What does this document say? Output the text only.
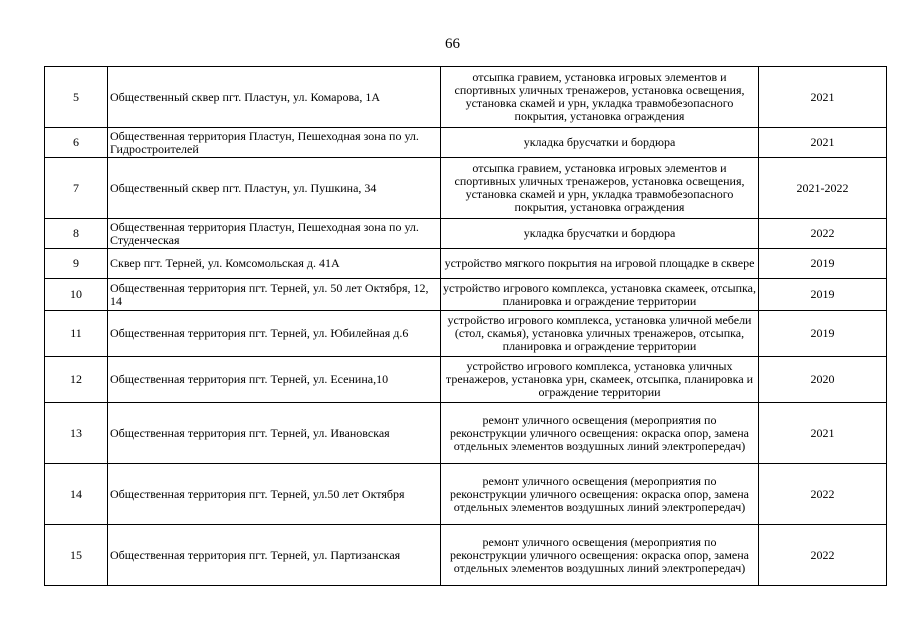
66
5	Общественный сквер пгт. Пластун, ул. Комарова, 1А	отсыпка гравием, установка игровых элементов и спортивных уличных тренажеров, установка освещения, установка скамей и урн, укладка травмобезопасного покрытия, установка ограждения	2021
6	Общественная территория Пластун, Пешеходная зона по ул. Гидростроителей	укладка брусчатки и бордюра	2021
7	Общественный сквер пгт. Пластун, ул. Пушкина, 34	отсыпка гравием, установка игровых элементов и спортивных уличных тренажеров, установка освещения, установка скамей и урн, укладка травмобезопасного покрытия, установка ограждения	2021-2022
8	Общественная территория Пластун, Пешеходная зона по ул. Студенческая	укладка брусчатки и бордюра	2022
9	Сквер пгт. Терней, ул. Комсомольская д. 41А	устройство мягкого покрытия на игровой площадке в сквере	2019
10	Общественная территория пгт. Терней, ул. 50 лет Октября, 12, 14	устройство игрового комплекса, установка скамеек, отсыпка, планировка и ограждение территории	2019
11	Общественная территория пгт. Терней, ул. Юбилейная д.6	устройство игрового комплекса, установка уличной мебели (стол, скамья), установка уличных тренажеров, отсыпка, планировка и ограждение территории	2019
12	Общественная территория пгт. Терней, ул. Есенина,10	устройство игрового комплекса, установка уличных тренажеров, установка урн, скамеек, отсыпка, планировка и ограждение территории	2020
13	Общественная территория пгт. Терней, ул. Ивановская	ремонт уличного освещения (мероприятия по реконструкции уличного освещения: окраска опор, замена отдельных элементов воздушных линий электропередач)	2021
14	Общественная территория пгт. Терней, ул.50 лет Октября	ремонт уличного освещения (мероприятия по реконструкции уличного освещения: окраска опор, замена отдельных элементов воздушных линий электропередач)	2022
15	Общественная территория пгт. Терней, ул. Партизанская	ремонт уличного освещения (мероприятия по реконструкции уличного освещения: окраска опор, замена отдельных элементов воздушных линий электропередач)	2022
